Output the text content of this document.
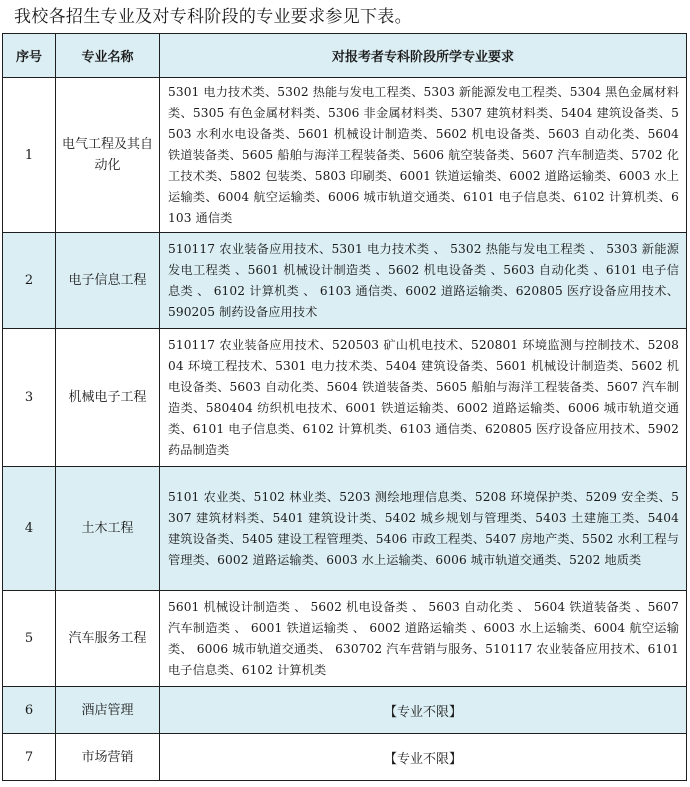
我校各招生专业及对专科阶段的专业要求参见下表。
序号	专业名称	对报考者专科阶段所学专业要求
1	电气工程及其自动化	5301 电力技术类、5302 热能与发电工程类、5303 新能源发电工程类、5304 黑色金属材料类、5305 有色金属材料类、5306 非金属材料类、5307 建筑材料类、5404 建筑设备类、5503 水利水电设备类、5601 机械设计制造类、5602 机电设备类、5603 自动化类、5604 铁道装备类、5605 船舶与海洋工程装备类、5606 航空装备类、5607 汽车制造类、5702 化工技术类、5802 包装类、5803 印刷类、6001 铁道运输类、6002 道路运输类、6003 水上运输类、6004 航空运输类、6006 城市轨道交通类、6101 电子信息类、6102 计算机类、6103 通信类
2	电子信息工程	510117 农业装备应用技术、5301 电力技术类 、 5302 热能与发电工程类 、 5303 新能源发电工程类 、5601 机械设计制造类 、5602 机电设备类 、5603 自动化类 、6101 电子信息类 、 6102 计算机类 、 6103 通信类、6002 道路运输类、620805 医疗设备应用技术、590205 制药设备应用技术
3	机械电子工程	510117 农业装备应用技术、520503 矿山机电技术、520801 环境监测与控制技术、520804 环境工程技术、5301 电力技术类、5404 建筑设备类、5601 机械设计制造类、5602 机电设备类、5603 自动化类、5604 铁道装备类、5605 船舶与海洋工程装备类、5607 汽车制造类、580404 纺织机电技术、6001 铁道运输类、6002 道路运输类、6006 城市轨道交通类、6101 电子信息类、6102 计算机类、6103 通信类、620805 医疗设备应用技术、5902 药品制造类
4	土木工程	5101 农业类、5102 林业类、5203 测绘地理信息类、5208 环境保护类、5209 安全类、5307 建筑材料类、5401 建筑设计类、5402 城乡规划与管理类、5403 土建施工类、5404 建筑设备类、5405 建设工程管理类、5406 市政工程类、5407 房地产类、5502 水利工程与管理类、6002 道路运输类、6003 水上运输类、6006 城市轨道交通类、5202 地质类
5	汽车服务工程	5601 机械设计制造类 、 5602 机电设备类 、 5603 自动化类 、 5604 铁道装备类 、5607 汽车制造类 、 6001 铁道运输类 、 6002 道路运输类 、6003 水上运输类、6004 航空运输类、 6006 城市轨道交通类、 630702 汽车营销与服务、510117 农业装备应用技术、6101 电子信息类、6102 计算机类
6	酒店管理	【专业不限】
7	市场营销	【专业不限】
